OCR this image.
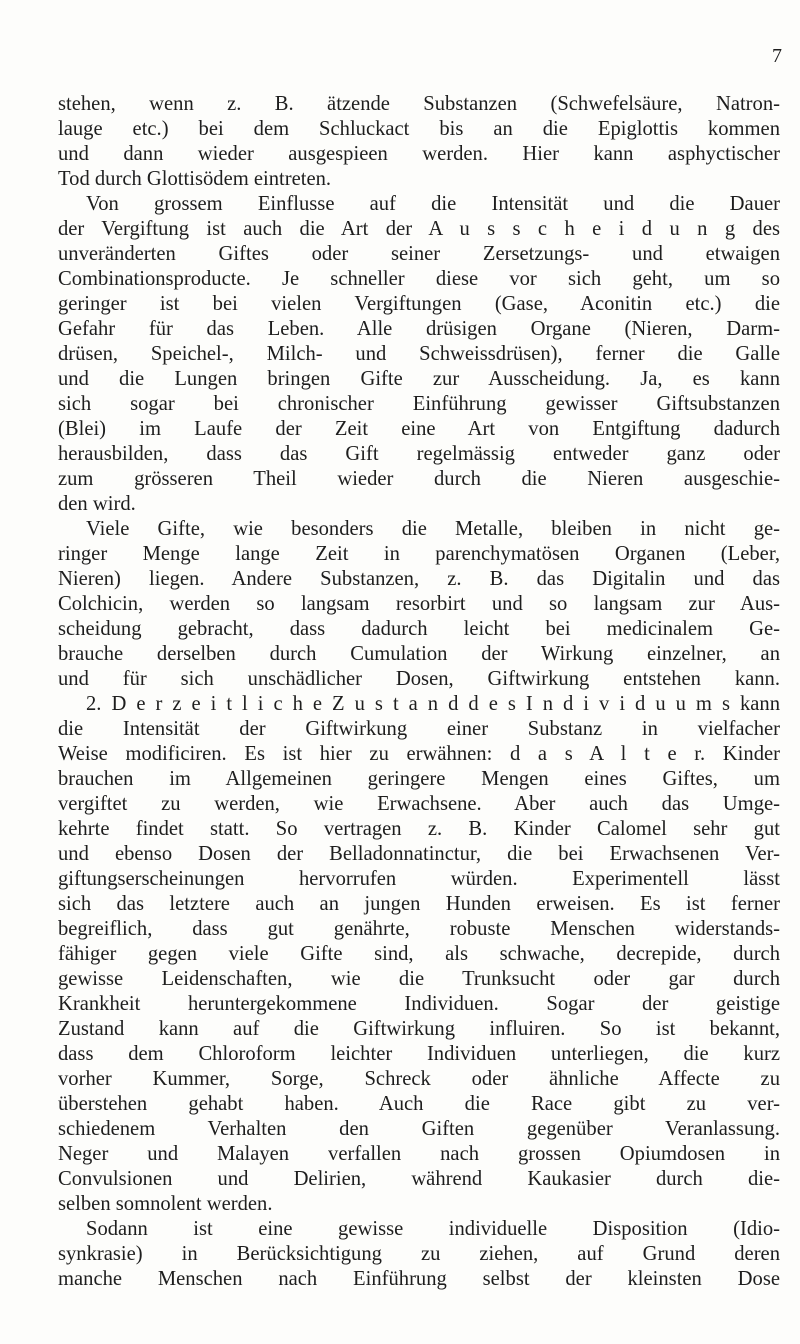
7
stehen, wenn z. B. ätzende Substanzen (Schwefelsäure, Natron-
lauge etc.) bei dem Schluckact bis an die Epiglottis kommen
und dann wieder ausgespieen werden. Hier kann asphyctischer
Tod durch Glottisödem eintreten.
Von grossem Einflusse auf die Intensität und die Dauer
der Vergiftung ist auch die Art der A u s s c h e i d u n g des
unveränderten Giftes oder seiner Zersetzungs- und etwaigen
Combinationsproducte. Je schneller diese vor sich geht, um so
geringer ist bei vielen Vergiftungen (Gase, Aconitin etc.) die
Gefahr für das Leben. Alle drüsigen Organe (Nieren, Darm-
drüsen, Speichel-, Milch- und Schweissdrüsen), ferner die Galle
und die Lungen bringen Gifte zur Ausscheidung. Ja, es kann
sich sogar bei chronischer Einführung gewisser Giftsubstanzen
(Blei) im Laufe der Zeit eine Art von Entgiftung dadurch
herausbilden, dass das Gift regelmässig entweder ganz oder
zum grösseren Theil wieder durch die Nieren ausgeschie-
den wird.
Viele Gifte, wie besonders die Metalle, bleiben in nicht ge-
ringer Menge lange Zeit in parenchymatösen Organen (Leber,
Nieren) liegen. Andere Substanzen, z. B. das Digitalin und das
Colchicin, werden so langsam resorbirt und so langsam zur Aus-
scheidung gebracht, dass dadurch leicht bei medicinalem Ge-
brauche derselben durch Cumulation der Wirkung einzelner, an
und für sich unschädlicher Dosen, Giftwirkung entstehen kann.
2. D e r z e i t l i c h e Z u s t a n d d e s I n d i v i d u u m s kann
die Intensität der Giftwirkung einer Substanz in vielfacher
Weise modificiren. Es ist hier zu erwähnen: d a s A l t e r. Kinder
brauchen im Allgemeinen geringere Mengen eines Giftes, um
vergiftet zu werden, wie Erwachsene. Aber auch das Umge-
kehrte findet statt. So vertragen z. B. Kinder Calomel sehr gut
und ebenso Dosen der Belladonnatinctur, die bei Erwachsenen Ver-
giftungserscheinungen hervorrufen würden. Experimentell lässt
sich das letztere auch an jungen Hunden erweisen. Es ist ferner
begreiflich, dass gut genährte, robuste Menschen widerstands-
fähiger gegen viele Gifte sind, als schwache, decrepide, durch
gewisse Leidenschaften, wie die Trunksucht oder gar durch
Krankheit heruntergekommene Individuen. Sogar der geistige
Zustand kann auf die Giftwirkung influiren. So ist bekannt,
dass dem Chloroform leichter Individuen unterliegen, die kurz
vorher Kummer, Sorge, Schreck oder ähnliche Affecte zu
überstehen gehabt haben. Auch die Race gibt zu ver-
schiedenem Verhalten den Giften gegenüber Veranlassung.
Neger und Malayen verfallen nach grossen Opiumdosen in
Convulsionen und Delirien, während Kaukasier durch die-
selben somnolent werden.
Sodann ist eine gewisse individuelle Disposition (Idio-
synkrasie) in Berücksichtigung zu ziehen, auf Grund deren
manche Menschen nach Einführung selbst der kleinsten Dose
